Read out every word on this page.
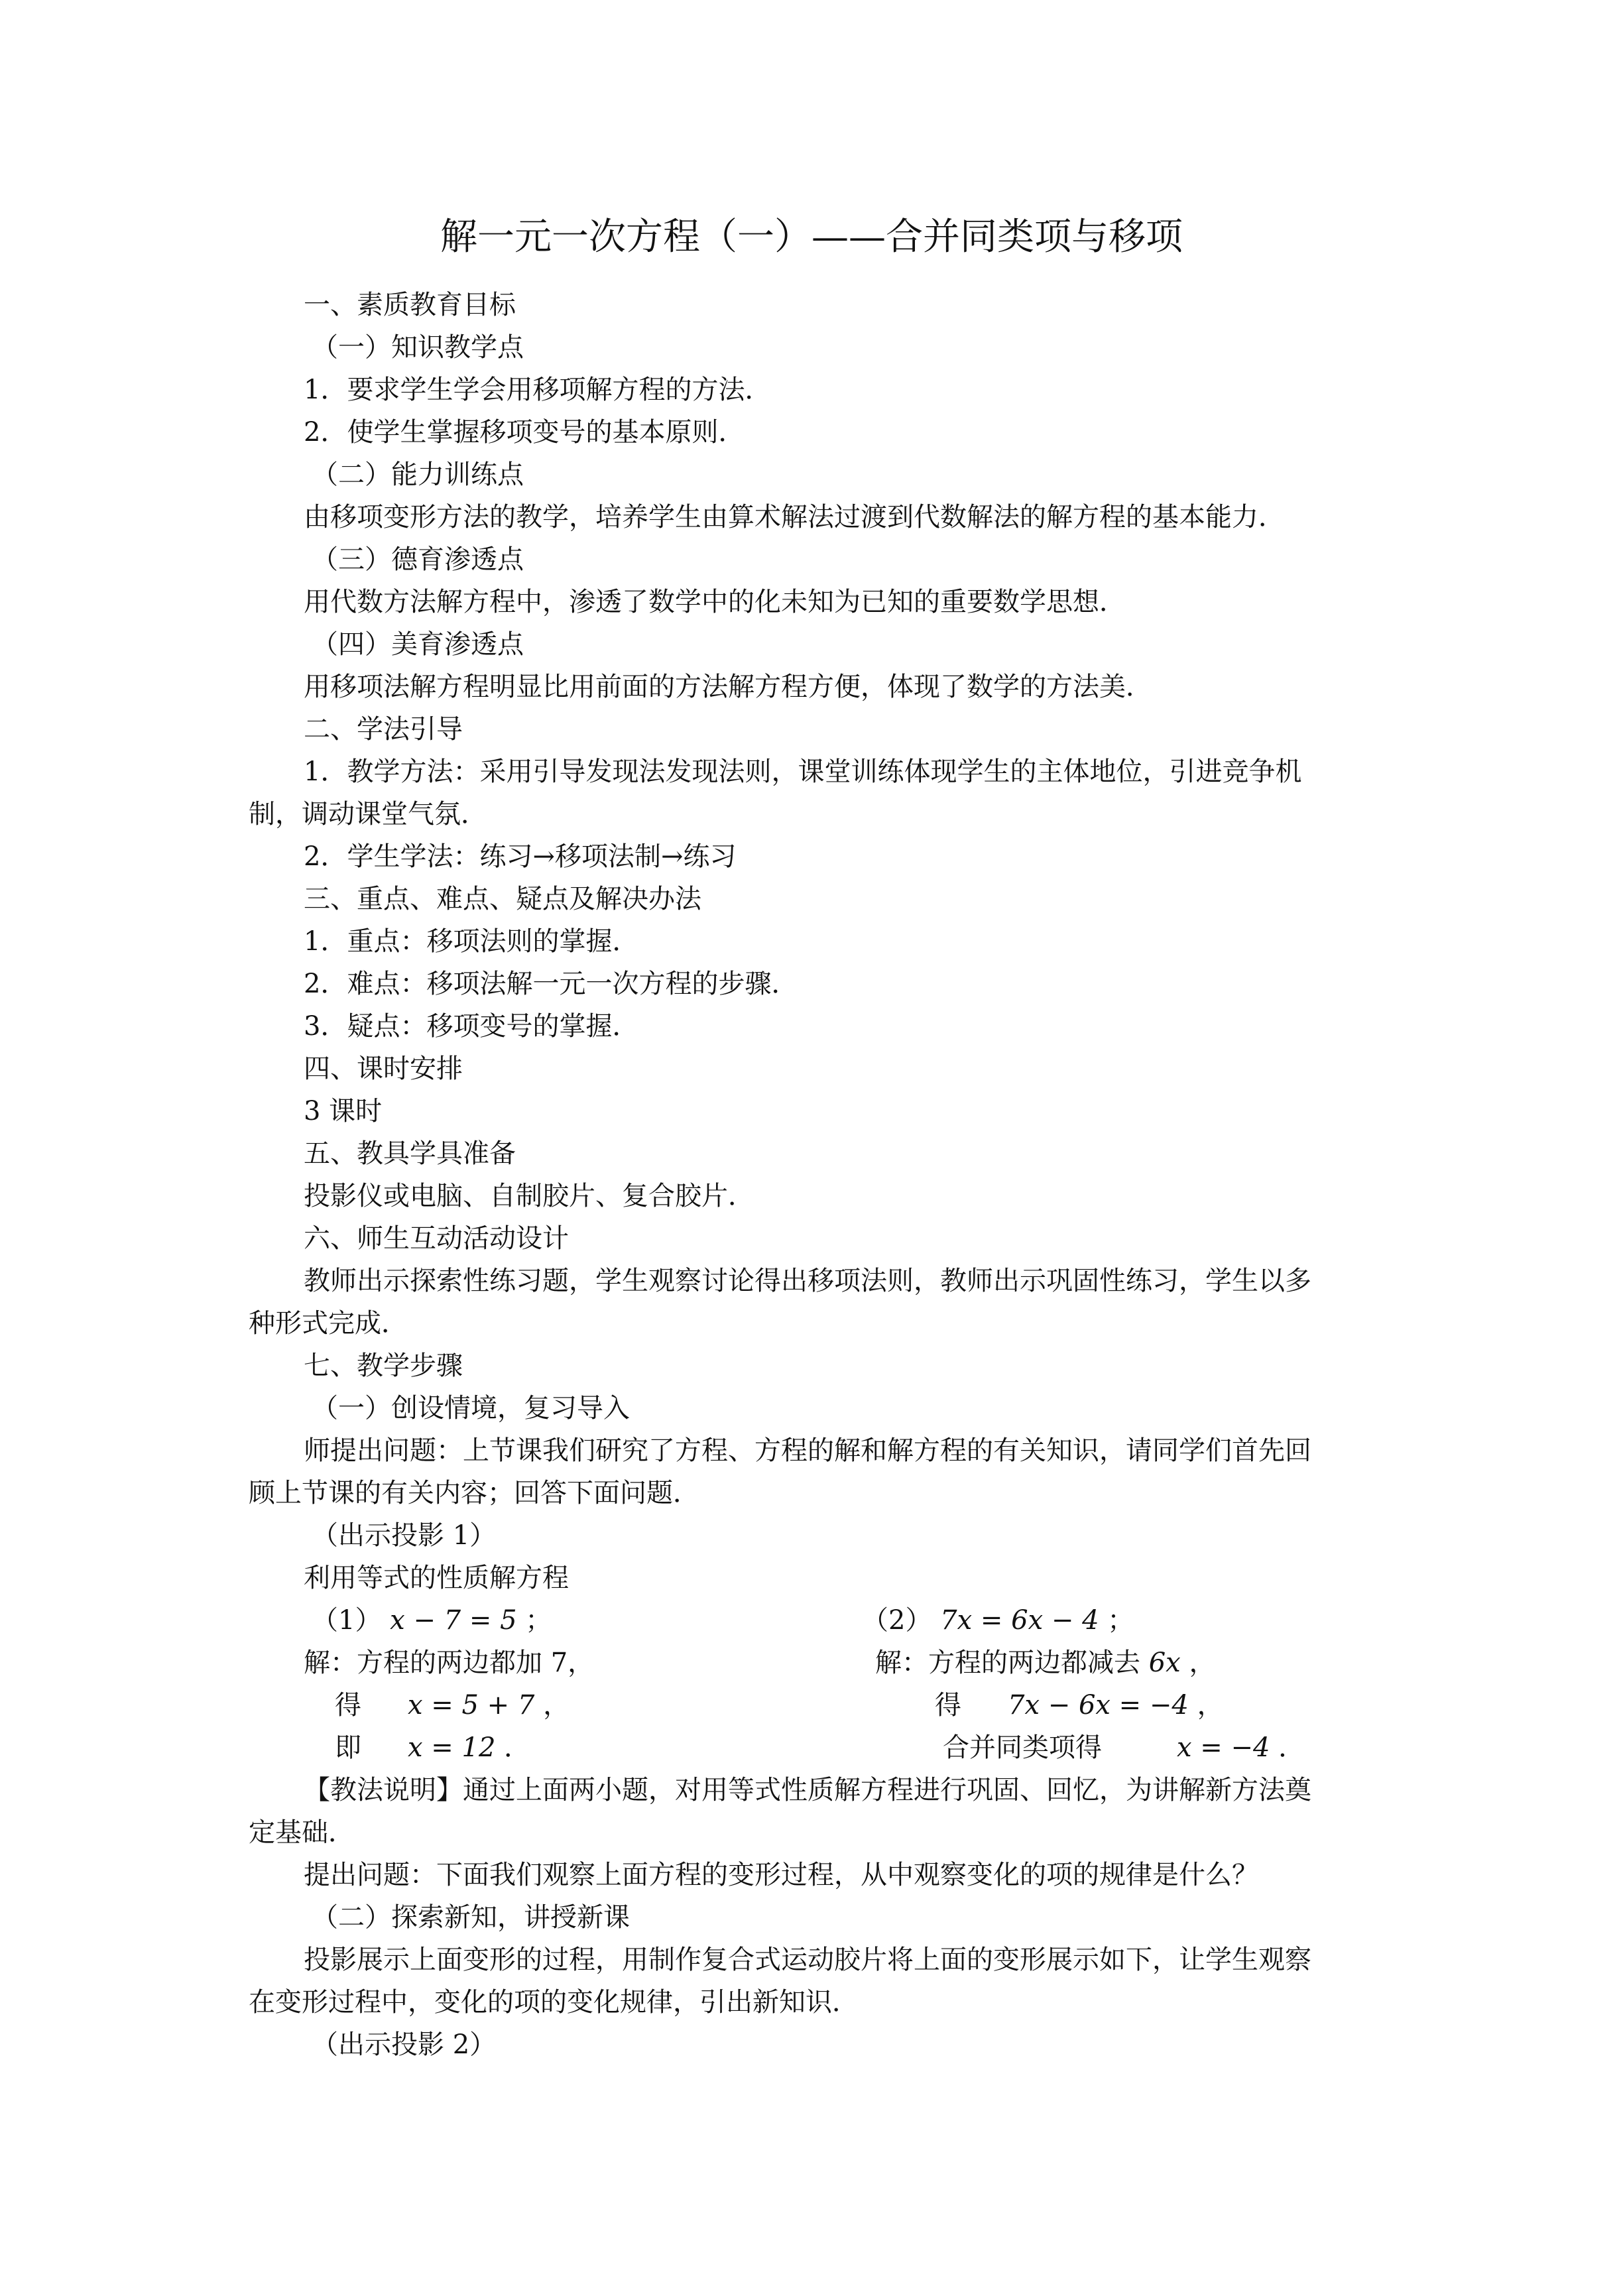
解一元一次方程（一）——合并同类项与移项
一、素质教育目标
（一）知识教学点
1．要求学生学会用移项解方程的方法．
2．使学生掌握移项变号的基本原则．
（二）能力训练点
由移项变形方法的教学，培养学生由算术解法过渡到代数解法的解方程的基本能力．
（三）德育渗透点
用代数方法解方程中，渗透了数学中的化未知为已知的重要数学思想．
（四）美育渗透点
用移项法解方程明显比用前面的方法解方程方便，体现了数学的方法美．
二、学法引导
1．教学方法：采用引导发现法发现法则，课堂训练体现学生的主体地位，引进竞争机
制，调动课堂气氛．
2．学生学法：练习→移项法制→练习
三、重点、难点、疑点及解决办法
1．重点：移项法则的掌握．
2．难点：移项法解一元一次方程的步骤．
3．疑点：移项变号的掌握．
四、课时安排
3 课时
五、教具学具准备
投影仪或电脑、自制胶片、复合胶片．
六、师生互动活动设计
教师出示探索性练习题，学生观察讨论得出移项法则，教师出示巩固性练习，学生以多
种形式完成．
七、教学步骤
（一）创设情境，复习导入
师提出问题：上节课我们研究了方程、方程的解和解方程的有关知识，请同学们首先回
顾上节课的有关内容；回答下面问题．
（出示投影 1）
利用等式的性质解方程
（1） x − 7 = 5 ；
解：方程的两边都加 7，
得 x = 5 + 7 ，
即 x = 12 ．
（2） 7x = 6x − 4 ；
解：方程的两边都减去 6x ，
得 7x − 6x = −4 ，
合并同类项得	x = −4 ．
【教法说明】通过上面两小题，对用等式性质解方程进行巩固、回忆，为讲解新方法奠
定基础．
提出问题：下面我们观察上面方程的变形过程，从中观察变化的项的规律是什么？
（二）探索新知，讲授新课
投影展示上面变形的过程，用制作复合式运动胶片将上面的变形展示如下，让学生观察
在变形过程中，变化的项的变化规律，引出新知识．
（出示投影 2）
